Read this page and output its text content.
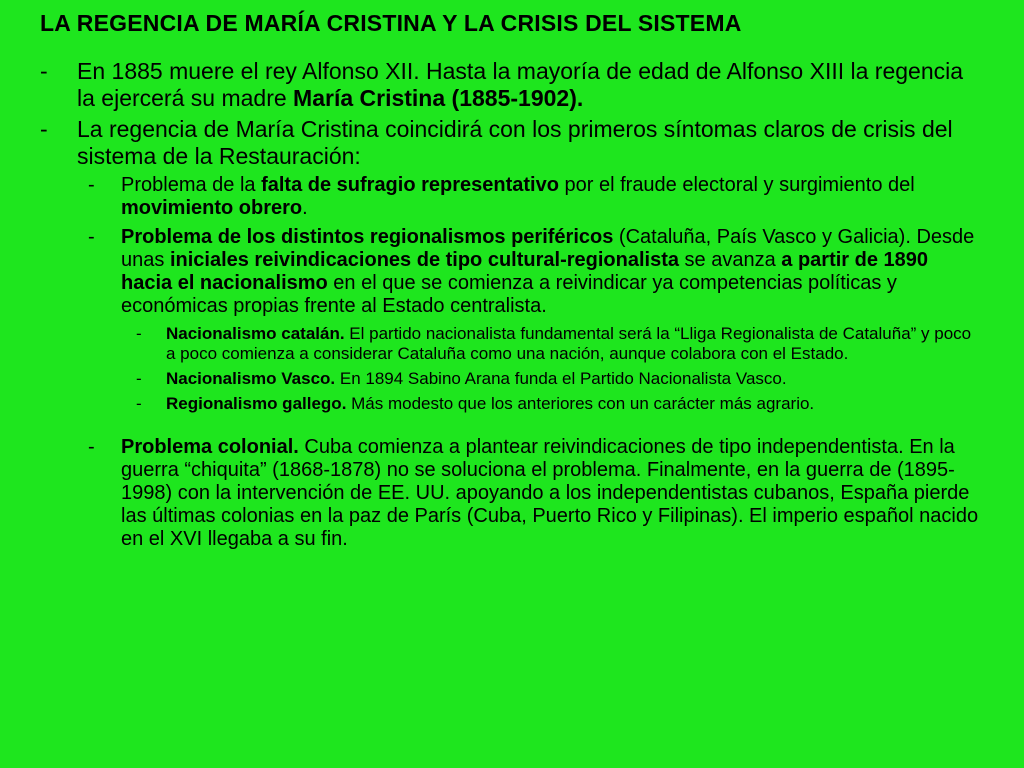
LA REGENCIA DE MARÍA CRISTINA Y LA CRISIS DEL SISTEMA
-	En 1885 muere el rey Alfonso XII. Hasta la mayoría de edad de Alfonso XIII la regencia la ejercerá su madre María Cristina (1885-1902).
-	La regencia de María Cristina coincidirá con los primeros síntomas claros de crisis del sistema de la Restauración:
-	Problema de la falta de sufragio representativo por el fraude electoral y surgimiento del movimiento obrero.
-	Problema de los distintos regionalismos periféricos (Cataluña, País Vasco y Galicia). Desde unas iniciales reivindicaciones de tipo cultural-regionalista se avanza a partir de 1890 hacia el nacionalismo en el que se comienza a reivindicar ya competencias políticas y económicas propias frente al Estado centralista.
-	Nacionalismo catalán. El partido nacionalista fundamental será la “Lliga Regionalista de Cataluña” y poco a poco comienza a considerar Cataluña como una nación, aunque colabora con el Estado.
-	Nacionalismo Vasco. En 1894 Sabino Arana funda el Partido Nacionalista Vasco.
-	Regionalismo gallego. Más modesto que los anteriores con un carácter más agrario.
-	Problema colonial. Cuba comienza a plantear reivindicaciones de tipo independentista. En la guerra “chiquita” (1868-1878) no se soluciona el problema. Finalmente, en la guerra de (1895-1998) con la intervención de EE. UU. apoyando a los independentistas cubanos, España pierde las últimas colonias en la paz de París (Cuba, Puerto Rico y Filipinas). El imperio español nacido en el XVI llegaba a su fin.
